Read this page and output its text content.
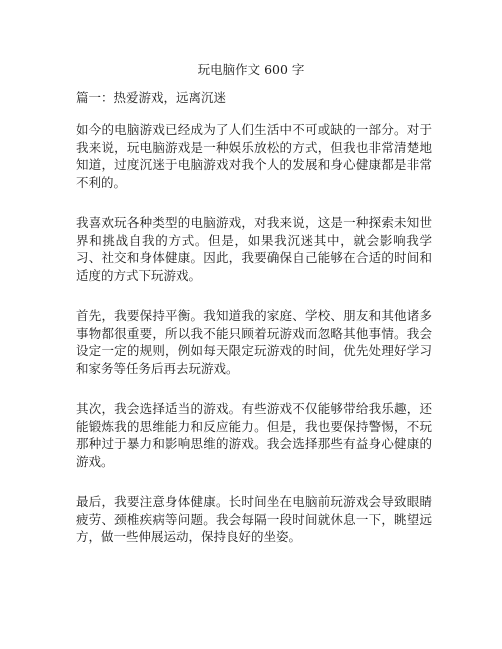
玩电脑作文 600 字
篇一：热爱游戏，远离沉迷

如今的电脑游戏已经成为了人们生活中不可或缺的一部分。对于我来说，玩电脑游戏是一种娱乐放松的方式，但我也非常清楚地知道，过度沉迷于电脑游戏对我个人的发展和身心健康都是非常不利的。

我喜欢玩各种类型的电脑游戏，对我来说，这是一种探索未知世界和挑战自我的方式。但是，如果我沉迷其中，就会影响我学习、社交和身体健康。因此，我要确保自己能够在合适的时间和适度的方式下玩游戏。

首先，我要保持平衡。我知道我的家庭、学校、朋友和其他诸多事物都很重要，所以我不能只顾着玩游戏而忽略其他事情。我会设定一定的规则，例如每天限定玩游戏的时间，优先处理好学习和家务等任务后再去玩游戏。

其次，我会选择适当的游戏。有些游戏不仅能够带给我乐趣，还能锻炼我的思维能力和反应能力。但是，我也要保持警惕，不玩那种过于暴力和影响思维的游戏。我会选择那些有益身心健康的游戏。

最后，我要注意身体健康。长时间坐在电脑前玩游戏会导致眼睛疲劳、颈椎疾病等问题。我会每隔一段时间就休息一下，眺望远方，做一些伸展运动，保持良好的坐姿。
